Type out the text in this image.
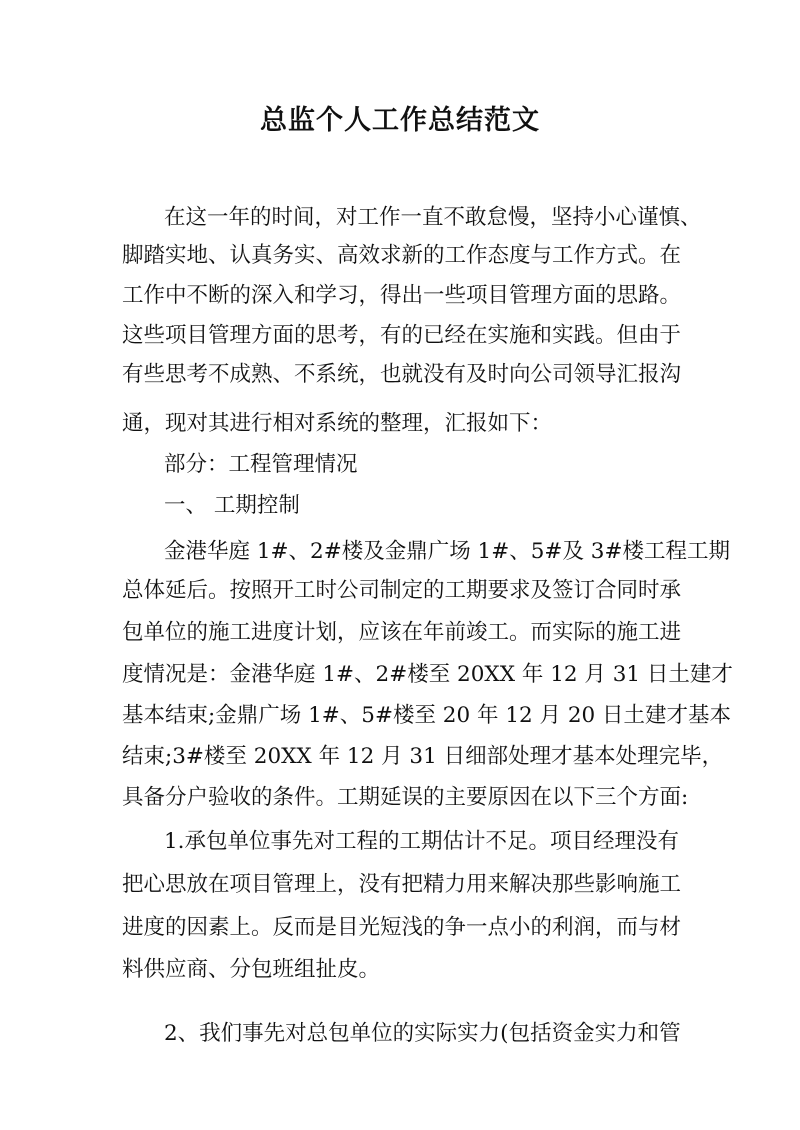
总监个人工作总结范文

在这一年的时间，对工作一直不敢怠慢，坚持小心谨慎、

脚踏实地、认真务实、高效求新的工作态度与工作方式。在

工作中不断的深入和学习，得出一些项目管理方面的思路。

这些项目管理方面的思考，有的已经在实施和实践。但由于

有些思考不成熟、不系统，也就没有及时向公司领导汇报沟

通，现对其进行相对系统的整理，汇报如下：

部分：工程管理情况

一、 工期控制

金港华庭 1#、2#楼及金鼎广场 1#、5#及 3#楼工程工期

总体延后。按照开工时公司制定的工期要求及签订合同时承

包单位的施工进度计划，应该在年前竣工。而实际的施工进

度情况是：金港华庭 1#、2#楼至 20XX 年 12 月 31 日土建才

基本结束;金鼎广场 1#、5#楼至 20 年 12 月 20 日土建才基本

结束;3#楼至 20XX 年 12 月 31 日细部处理才基本处理完毕，

具备分户验收的条件。工期延误的主要原因在以下三个方面:

1.承包单位事先对工程的工期估计不足。项目经理没有

把心思放在项目管理上，没有把精力用来解决那些影响施工

进度的因素上。反而是目光短浅的争一点小的利润，而与材

料供应商、分包班组扯皮。

2、我们事先对总包单位的实际实力(包括资金实力和管
